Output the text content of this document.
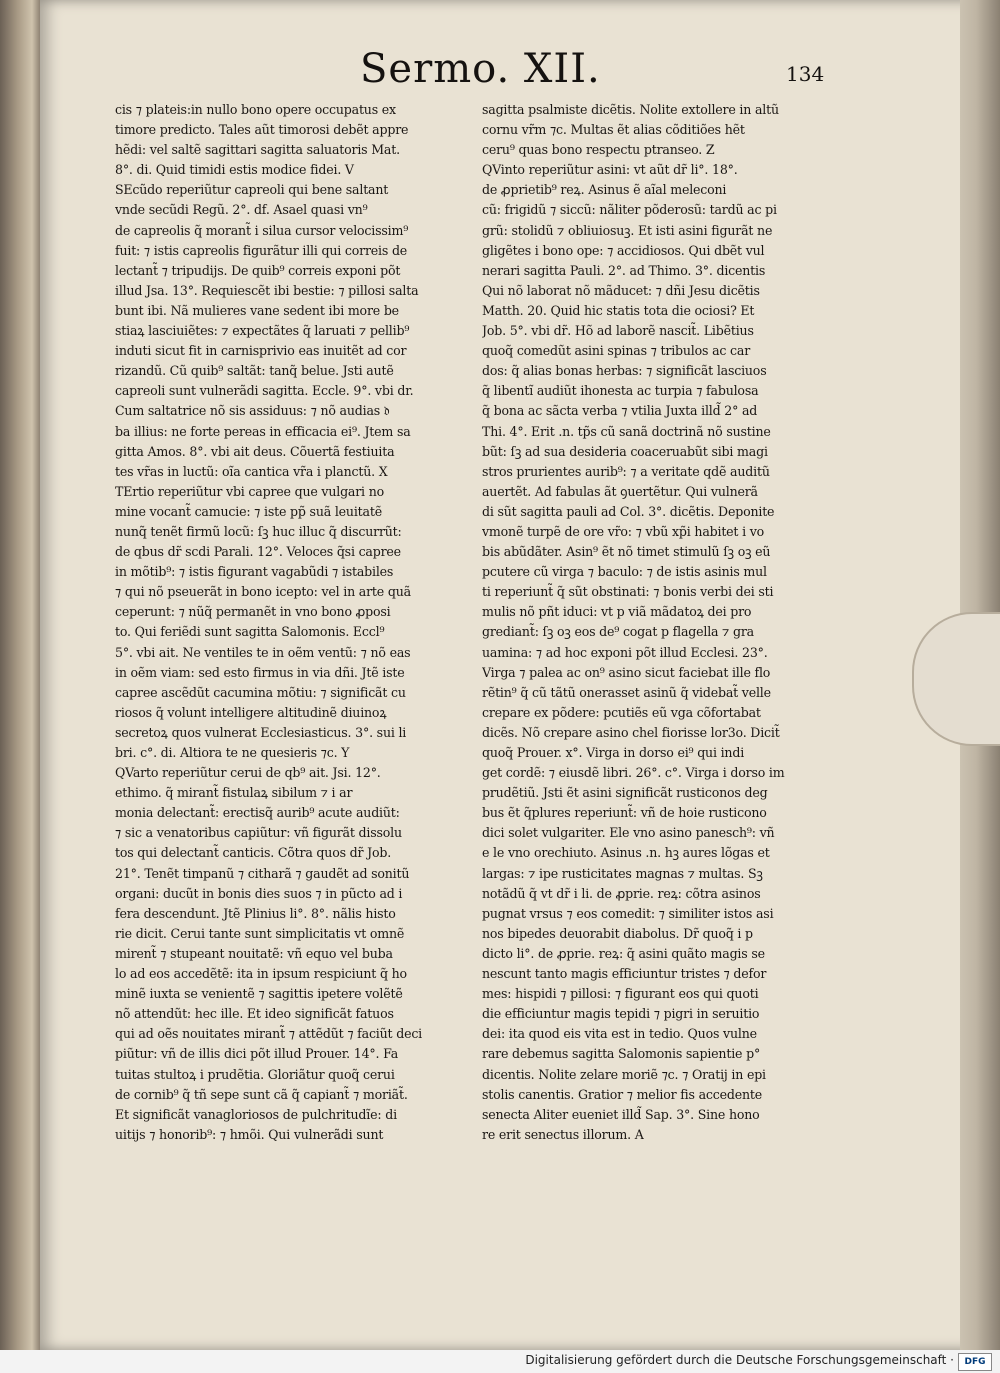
Sermo. XII.	134
cis ⁊ plateis:in nullo bono opere occupatus ex
timore predicto. Tales aũt timorosi debẽt appre
hẽdi: vel saltẽ sagittari sagitta saluatoris Mat.
8°. di. Quid timidi estis modice fidei. V
SEcũdo reperiũtur capreoli qui bene saltant
vnde secũdi Regũ. 2°. df. Asael quasi vn⁹
de capreolis q̃ morant̃ i silua cursor velocissim⁹
fuit: ⁊ istis capreolis figurãtur illi qui correis de
lectant̃ ⁊ tripudijs. De quib⁹ correis exponi põt
illud Jsa. 13°. Requiescẽt ibi bestie: ⁊ pillosi salta
bunt ibi. Nã mulieres vane sedent ibi more be
stiaꝝ lasciuiẽtes: ⁊ expectãtes q̃ laruati ⁊ pellib⁹
induti sicut fit in carnisprivio eas inuitẽt ad cor
rizandũ. Cũ quib⁹ saltãt: tanq̃ belue. Jsti autẽ
capreoli sunt vulnerãdi sagitta. Eccle. 9°. vbi dr.
Cum saltatrice nõ sis assiduus: ⁊ nõ audias 𝔡
ba illius: ne forte pereas in efficacia ei⁹. Jtem sa
gitta Amos. 8°. vbi ait deus. Cõuertã festiuita
tes vr̃as in luctũ: oĩa cantica vr̃a i planctũ. X
TErtio reperiũtur vbi capree que vulgari no
mine vocant̃ camucie: ⁊ iste pp̃ suã leuitatẽ
nunq̃ tenẽt firmũ locũ: ſꝫ huc illuc q̃ discurrũt:
de qbus dr̃ scdi Parali. 12°. Veloces q̃si capree
in mõtib⁹: ⁊ istis figurant vagabũdi ⁊ istabiles
⁊ qui nõ pseuerãt in bono icepto: vel in arte quã
ceperunt: ⁊ nũq̃ permanẽt in vno bono ꝓposi
to. Qui feriẽdi sunt sagitta Salomonis. Eccl⁹
5°. vbi ait. Ne ventiles te in oẽm ventũ: ⁊ nõ eas
in oẽm viam: sed esto firmus in via dñi. Jtẽ iste
capree ascẽdũt cacumina mõtiu: ⁊ significãt cu
riosos q̃ volunt intelligere altitudinẽ diuinoꝝ
secretoꝝ quos vulnerat Ecclesiasticus. 3°. sui li
bri. c°. di. Altiora te ne quesieris ⁊c. Y
QVarto reperiũtur cerui de qb⁹ ait. Jsi. 12°.
ethimo. q̃ mirant̃ fistulaꝝ sibilum ⁊ i ar
monia delectant̃: erectisq̃ aurib⁹ acute audiũt:
⁊ sic a venatoribus capiũtur: vñ figurãt dissolu
tos qui delectant̃ canticis. Cõtra quos dr̃ Job.
21°. Tenẽt timpanũ ⁊ citharã ⁊ gaudẽt ad sonitũ
organi: ducũt in bonis dies suos ⁊ in pũcto ad i
fera descendunt. Jtẽ Plinius li°. 8°. nãlis histo
rie dicit. Cerui tante sunt simplicitatis vt omnẽ
mirent̃ ⁊ stupeant nouitatẽ: vñ equo vel buba
lo ad eos accedẽtẽ: ita in ipsum respiciunt q̃ ho
minẽ iuxta se venientẽ ⁊ sagittis ipetere volẽtẽ
nõ attendũt: hec ille. Et ideo significãt fatuos
qui ad oẽs nouitates mirant̃ ⁊ attẽdũt ⁊ faciũt deci
piũtur: vñ de illis dici põt illud Prouer. 14°. Fa
tuitas stultoꝝ i prudẽtia. Gloriãtur quoq̃ cerui
de cornib⁹ q̃ tñ sepe sunt cã q̃ capiant̃ ⁊ moriãt̃.
Et significãt vanagloriosos de pulchritudĩe: di
uitijs ⁊ honorib⁹: ⁊ hmõi. Qui vulnerãdi sunt
sagitta psalmiste dicẽtis. Nolite extollere in altũ
cornu vr̃m ⁊c. Multas ẽt alias cõditiões hẽt
ceru⁹ quas bono respectu ptranseo. Z
QVinto reperiũtur asini: vt aũt dr̃ li°. 18°.
de ꝓprietib⁹ reꝝ. Asinus ẽ aĩal meleconi
cũ: frigidũ ⁊ siccũ: nãliter põderosũ: tardũ ac pi
grũ: stolidũ ⁊ obliuiosuꝫ. Et isti asini figurãt ne
gligẽtes i bono ope: ⁊ accidiosos. Qui dbẽt vul
nerari sagitta Pauli. 2°. ad Thimo. 3°. dicentis
Qui nõ laborat nõ mãducet: ⁊ dñi Jesu dicẽtis
Matth. 20. Quid hic statis tota die ociosi? Et
Job. 5°. vbi dr̃. Hõ ad laborẽ nascit̃. Libẽtius
quoq̃ comedũt asini spinas ⁊ tribulos ac car
dos: q̃ alias bonas herbas: ⁊ significãt lasciuos
q̃ libentĩ audiũt ihonesta ac turpia ⁊ fabulosa
q̃ bona ac sãcta verba ⁊ vtilia Juxta illd̃ 2° ad
Thi. 4°. Erit .n. tp̃s cũ sanã doctrinã nõ sustine
bũt: ſꝫ ad sua desideria coaceruabũt sibi magi
stros prurientes aurib⁹: ⁊ a veritate qdẽ auditũ
auertẽt. Ad fabulas ãt ꝯuertẽtur. Qui vulnerã
di sũt sagitta pauli ad Col. 3°. dicẽtis. Deponite
vmonẽ turpẽ de ore vr̃o: ⁊ vbũ xp̃i habitet i vo
bis abũdãter. Asin⁹ ẽt nõ timet stimulũ ſꝫ oꝫ eũ
pcutere cũ virga ⁊ baculo: ⁊ de istis asinis mul
ti reperiunt̃ q̃ sũt obstinati: ⁊ bonis verbi dei sti
mulis nõ pñt iduci: vt p viã mãdatoꝝ dei pro
grediant̃: ſꝫ oꝫ eos de⁹ cogat p flagella ⁊ gra
uamina: ⁊ ad hoc exponi põt illud Ecclesi. 23°.
Virga ⁊ palea ac on⁹ asino sicut faciebat ille flo
rẽtin⁹ q̃ cũ tãtũ onerasset asinũ q̃ videbat̃ velle
crepare ex põdere: pcutiẽs eũ vga cõfortabat
dicẽs. Nõ crepare asino chel fiorisse lor3o. Dicit̃
quoq̃ Prouer. x°. Virga in dorso ei⁹ qui indi
get cordẽ: ⁊ eiusdẽ libri. 26°. c°. Virga i dorso im
prudẽtiũ. Jsti ẽt asini significãt rusticonos deg
bus ẽt q̃plures reperiunt̃: vñ de hoie rusticono
dici solet vulgariter. Ele vno asino panesch⁹: vñ
e le vno orechiuto. Asinus .n. hꝫ aures lõgas et
largas: ⁊ ipe rusticitates magnas ⁊ multas. Sꝫ
notãdũ q̃ vt dr̃ i li. de ꝓprie. reꝝ: cõtra asinos
pugnat vrsus ⁊ eos comedit: ⁊ similiter istos asi
nos bipedes deuorabit diabolus. Dr̃ quoq̃ i p
dicto li°. de ꝓprie. reꝝ: q̃ asini quãto magis se
nescunt tanto magis efficiuntur tristes ⁊ defor
mes: hispidi ⁊ pillosi: ⁊ figurant eos qui quoti
die efficiuntur magis tepidi ⁊ pigri in seruitio
dei: ita quod eis vita est in tedio. Quos vulne
rare debemus sagitta Salomonis sapientie p°
dicentis. Nolite zelare moriẽ ⁊c. ⁊ Oratij in epi
stolis canentis. Gratior ⁊ melior fis accedente
senecta Aliter eueniet illd̃ Sap. 3°. Sine hono
re erit senectus illorum. A
Digitalisierung gefördert durch die Deutsche Forschungsgemeinschaft ·	DFG
